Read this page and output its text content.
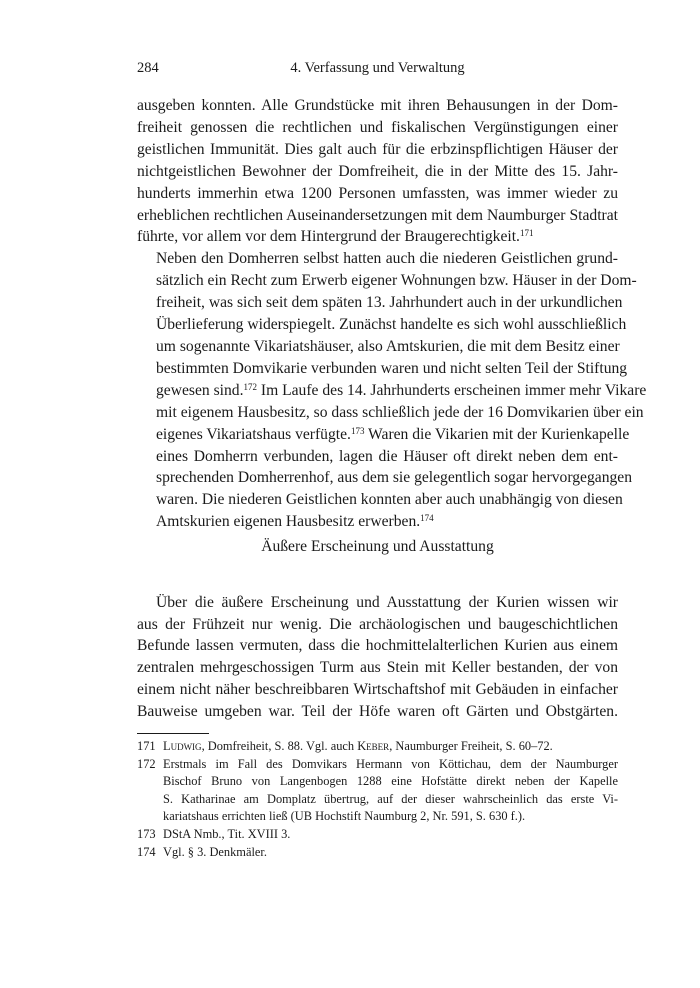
284	4. Verfassung und Verwaltung

ausgeben konnten. Alle Grundstücke mit ihren Behausungen in der Dom-
freiheit genossen die rechtlichen und fiskalischen Vergünstigungen einer
geistlichen Immunität. Dies galt auch für die erbzinspflichtigen Häuser der
nichtgeistlichen Bewohner der Domfreiheit, die in der Mitte des 15. Jahr-
hunderts immerhin etwa 1200 Personen umfassten, was immer wieder zu
erheblichen rechtlichen Auseinandersetzungen mit dem Naumburger Stadtrat
führte, vor allem vor dem Hintergrund der Braugerechtigkeit.$^{171}$

Neben den Domherren selbst hatten auch die niederen Geistlichen grund-
sätzlich ein Recht zum Erwerb eigener Wohnungen bzw. Häuser in der Dom-
freiheit, was sich seit dem späten 13. Jahrhundert auch in der urkundlichen
Überlieferung widerspiegelt. Zunächst handelte es sich wohl ausschließlich
um sogenannte Vikariatshäuser, also Amtskurien, die mit dem Besitz einer
bestimmten Domvikarie verbunden waren und nicht selten Teil der Stiftung
gewesen sind.$^{172}$ Im Laufe des 14. Jahrhunderts erscheinen immer mehr Vikare
mit eigenem Hausbesitz, so dass schließlich jede der 16 Domvikarien über ein
eigenes Vikariatshaus verfügte.$^{173}$ Waren die Vikarien mit der Kurienkapelle
eines Domherrn verbunden, lagen die Häuser oft direkt neben dem ent-
sprechenden Domherrenhof, aus dem sie gelegentlich sogar hervorgegangen
waren. Die niederen Geistlichen konnten aber auch unabhängig von diesen
Amtskurien eigenen Hausbesitz erwerben.$^{174}$

Äußere Erscheinung und Ausstattung

Über die äußere Erscheinung und Ausstattung der Kurien wissen wir
aus der Frühzeit nur wenig. Die archäologischen und baugeschichtlichen
Befunde lassen vermuten, dass die hochmittelalterlichen Kurien aus einem
zentralen mehrgeschossigen Turm aus Stein mit Keller bestanden, der von
einem nicht näher beschreibbaren Wirtschaftshof mit Gebäuden in einfacher
Bauweise umgeben war. Teil der Höfe waren oft Gärten und Obstgärten.

171 Ludwig, Domfreiheit, S. 88. Vgl. auch Keber, Naumburger Freiheit, S. 60–72.
172 Erstmals im Fall des Domvikars Hermann von Köttichau, dem der Naumburger
Bischof Bruno von Langenbogen 1288 eine Hofstätte direkt neben der Kapelle
S. Katharinae am Domplatz übertrug, auf der dieser wahrscheinlich das erste Vi-
kariatshaus errichten ließ (UB Hochstift Naumburg 2, Nr. 591, S. 630 f.).
173 DStA Nmb., Tit. XVIII 3.
174 Vgl. § 3. Denkmäler.
